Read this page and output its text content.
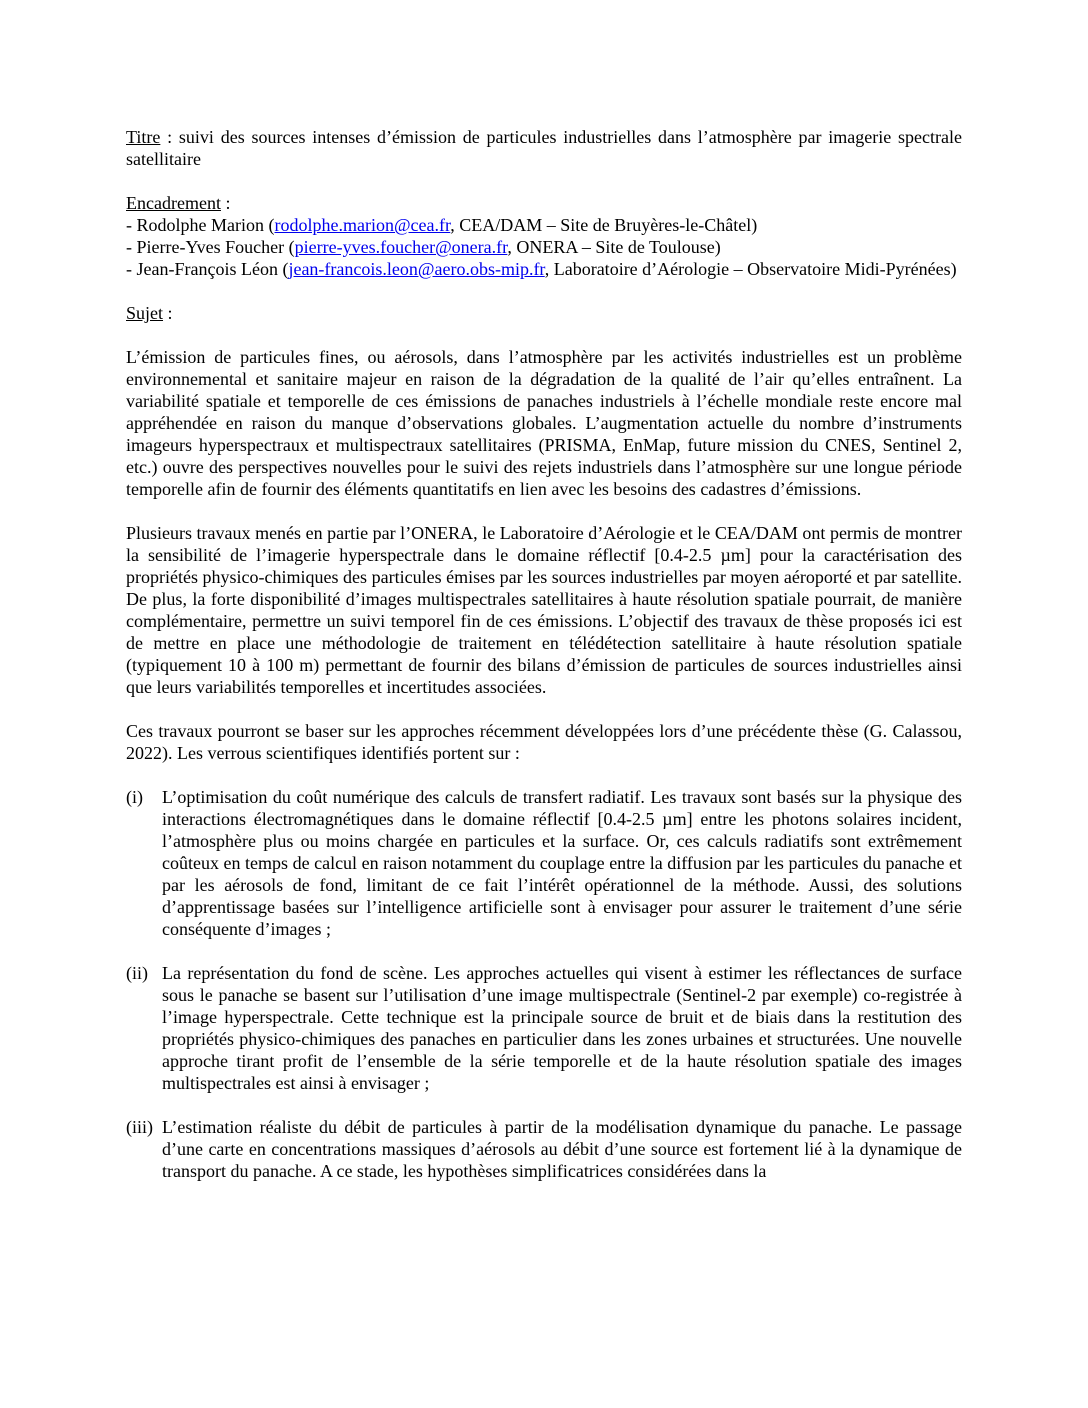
Titre : suivi des sources intenses d’émission de particules industrielles dans l’atmosphère par imagerie spectrale satellitaire

Encadrement :

- Rodolphe Marion (rodolphe.marion@cea.fr, CEA/DAM – Site de Bruyères-le-Châtel)

- Pierre-Yves Foucher (pierre-yves.foucher@onera.fr, ONERA – Site de Toulouse)

- Jean-François Léon (jean-francois.leon@aero.obs-mip.fr, Laboratoire d’Aérologie – Observatoire Midi-Pyrénées)

Sujet :

L’émission de particules fines, ou aérosols, dans l’atmosphère par les activités industrielles est un problème environnemental et sanitaire majeur en raison de la dégradation de la qualité de l’air qu’elles entraînent. La variabilité spatiale et temporelle de ces émissions de panaches industriels à l’échelle mondiale reste encore mal appréhendée en raison du manque d’observations globales. L’augmentation actuelle du nombre d’instruments imageurs hyperspectraux et multispectraux satellitaires (PRISMA, EnMap, future mission du CNES, Sentinel 2, etc.) ouvre des perspectives nouvelles pour le suivi des rejets industriels dans l’atmosphère sur une longue période temporelle afin de fournir des éléments quantitatifs en lien avec les besoins des cadastres d’émissions.

Plusieurs travaux menés en partie par l’ONERA, le Laboratoire d’Aérologie et le CEA/DAM ont permis de montrer la sensibilité de l’imagerie hyperspectrale dans le domaine réflectif [0.4-2.5 µm] pour la caractérisation des propriétés physico-chimiques des particules émises par les sources industrielles par moyen aéroporté et par satellite. De plus, la forte disponibilité d’images multispectrales satellitaires à haute résolution spatiale pourrait, de manière complémentaire, permettre un suivi temporel fin de ces émissions. L’objectif des travaux de thèse proposés ici est de mettre en place une méthodologie de traitement en télédétection satellitaire à haute résolution spatiale (typiquement 10 à 100 m) permettant de fournir des bilans d’émission de particules de sources industrielles ainsi que leurs variabilités temporelles et incertitudes associées.

Ces travaux pourront se baser sur les approches récemment développées lors d’une précédente thèse (G. Calassou, 2022). Les verrous scientifiques identifiés portent sur :

(i) L’optimisation du coût numérique des calculs de transfert radiatif. Les travaux sont basés sur la physique des interactions électromagnétiques dans le domaine réflectif [0.4-2.5 µm] entre les photons solaires incident, l’atmosphère plus ou moins chargée en particules et la surface. Or, ces calculs radiatifs sont extrêmement coûteux en temps de calcul en raison notamment du couplage entre la diffusion par les particules du panache et par les aérosols de fond, limitant de ce fait l’intérêt opérationnel de la méthode. Aussi, des solutions d’apprentissage basées sur l’intelligence artificielle sont à envisager pour assurer le traitement d’une série conséquente d’images ;
(ii) La représentation du fond de scène. Les approches actuelles qui visent à estimer les réflectances de surface sous le panache se basent sur l’utilisation d’une image multispectrale (Sentinel-2 par exemple) co-registrée à l’image hyperspectrale. Cette technique est la principale source de bruit et de biais dans la restitution des propriétés physico-chimiques des panaches en particulier dans les zones urbaines et structurées. Une nouvelle approche tirant profit de l’ensemble de la série temporelle et de la haute résolution spatiale des images multispectrales est ainsi à envisager ;
(iii) L’estimation réaliste du débit de particules à partir de la modélisation dynamique du panache. Le passage d’une carte en concentrations massiques d’aérosols au débit d’une source est fortement lié à la dynamique de transport du panache. A ce stade, les hypothèses simplificatrices considérées dans la
